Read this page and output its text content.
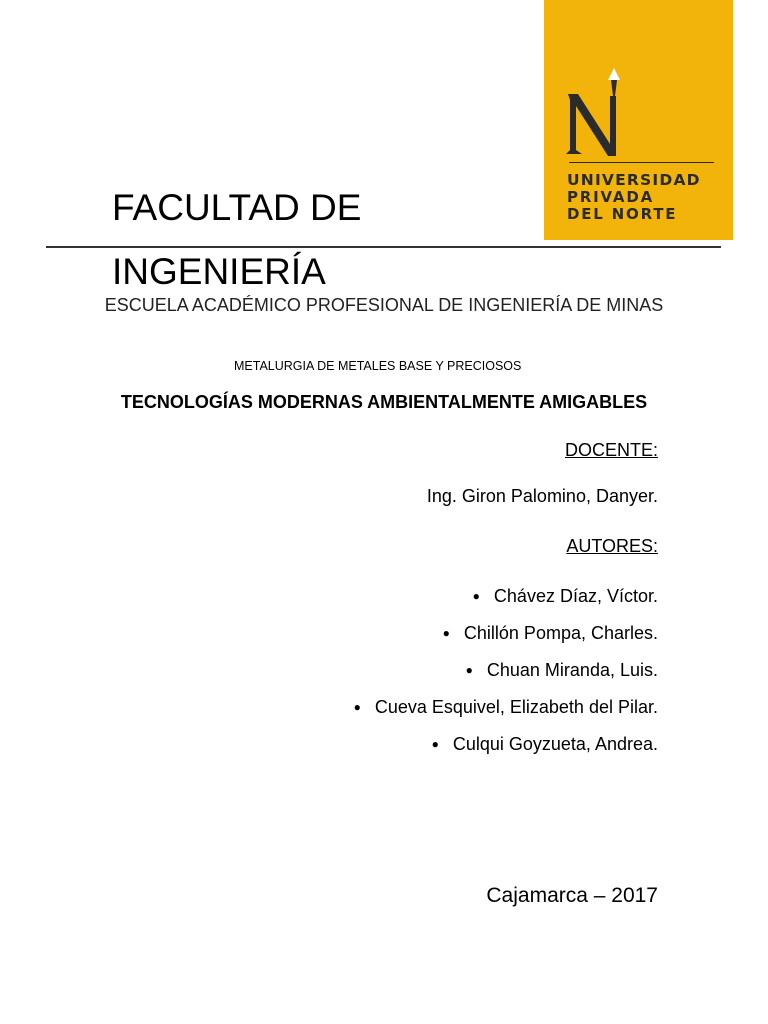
UNIVERSIDAD
PRIVADA
DEL NORTE
FACULTAD DE
INGENIERÍA
ESCUELA ACADÉMICO PROFESIONAL DE INGENIERÍA DE MINAS
METALURGIA DE METALES BASE Y PRECIOSOS
TECNOLOGÍAS MODERNAS AMBIENTALMENTE AMIGABLES
DOCENTE:
Ing. Giron Palomino, Danyer.
AUTORES:
● Chávez Díaz, Víctor.
● Chillón Pompa, Charles.
● Chuan Miranda, Luis.
● Cueva Esquivel, Elizabeth del Pilar.
● Culqui Goyzueta, Andrea.
Cajamarca – 2017
